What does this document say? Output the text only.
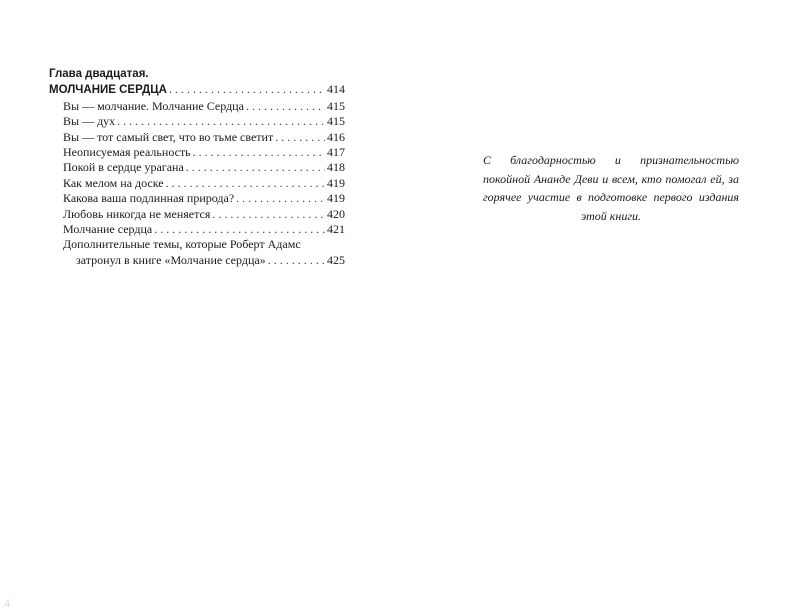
Глава двадцатая.
МОЛЧАНИЕ СЕРДЦА . . .	414
Вы — молчание. Молчание Сердца . . .	415
Вы — дух . . .	415
Вы — тот самый свет, что во тьме светит . . .	416
Неописуемая реальность . . .	417
Покой в сердце урагана . . .	418
Как мелом на доске . . .	419
Какова ваша подлинная природа? . . .	419
Любовь никогда не меняется . . .	420
Молчание сердца . . .	421
Дополнительные темы, которые Роберт Адамс
затронул в книге «Молчание сердца» . . .	425
С благодарностью и признательностью покойной Ананде Деви и всем, кто помогал ей, за горячее участие в подготовке первого издания этой книги.
4
